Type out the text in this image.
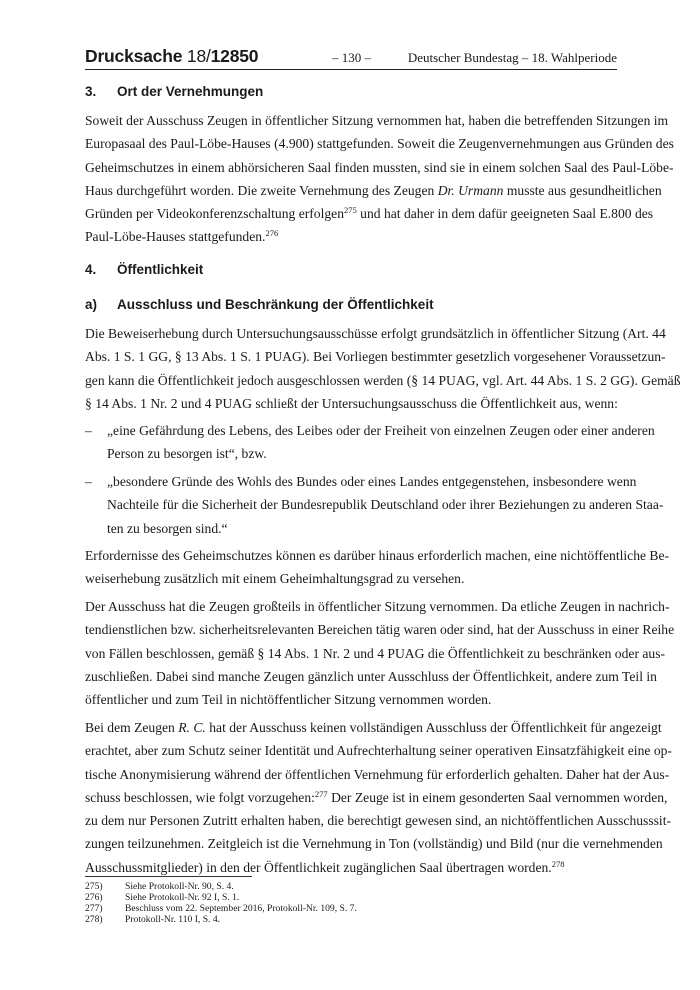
Drucksache 18/12850	– 130 –	Deutscher Bundestag – 18. Wahlperiode
3. Ort der Vernehmungen
Soweit der Ausschuss Zeugen in öffentlicher Sitzung vernommen hat, haben die betreffenden Sitzungen im
Europasaal des Paul-Löbe-Hauses (4.900) stattgefunden. Soweit die Zeugenvernehmungen aus Gründen des
Geheimschutzes in einem abhörsicheren Saal finden mussten, sind sie in einem solchen Saal des Paul-Löbe-
Haus durchgeführt worden. Die zweite Vernehmung des Zeugen Dr. Urmann musste aus gesundheitlichen
Gründen per Videokonferenzschaltung erfolgen$^{275}$ und hat daher in dem dafür geeigneten Saal E.800 des
Paul-Löbe-Hauses stattgefunden.$^{276}$
4. Öffentlichkeit
a) Ausschluss und Beschränkung der Öffentlichkeit
Die Beweiserhebung durch Untersuchungsausschüsse erfolgt grundsätzlich in öffentlicher Sitzung (Art. 44
Abs. 1 S. 1 GG, § 13 Abs. 1 S. 1 PUAG). Bei Vorliegen bestimmter gesetzlich vorgesehener Voraussetzun-
gen kann die Öffentlichkeit jedoch ausgeschlossen werden (§ 14 PUAG, vgl. Art. 44 Abs. 1 S. 2 GG). Gemäß
§ 14 Abs. 1 Nr. 2 und 4 PUAG schließt der Untersuchungsausschuss die Öffentlichkeit aus, wenn:
– „eine Gefährdung des Lebens, des Leibes oder der Freiheit von einzelnen Zeugen oder einer anderen
Person zu besorgen ist“, bzw.
– „besondere Gründe des Wohls des Bundes oder eines Landes entgegenstehen, insbesondere wenn
Nachteile für die Sicherheit der Bundesrepublik Deutschland oder ihrer Beziehungen zu anderen Staa-
ten zu besorgen sind.“
Erfordernisse des Geheimschutzes können es darüber hinaus erforderlich machen, eine nichtöffentliche Be-
weiserhebung zusätzlich mit einem Geheimhaltungsgrad zu versehen.
Der Ausschuss hat die Zeugen großteils in öffentlicher Sitzung vernommen. Da etliche Zeugen in nachrich-
tendienstlichen bzw. sicherheitsrelevanten Bereichen tätig waren oder sind, hat der Ausschuss in einer Reihe
von Fällen beschlossen, gemäß § 14 Abs. 1 Nr. 2 und 4 PUAG die Öffentlichkeit zu beschränken oder aus-
zuschließen. Dabei sind manche Zeugen gänzlich unter Ausschluss der Öffentlichkeit, andere zum Teil in
öffentlicher und zum Teil in nichtöffentlicher Sitzung vernommen worden.
Bei dem Zeugen R. C. hat der Ausschuss keinen vollständigen Ausschluss der Öffentlichkeit für angezeigt
erachtet, aber zum Schutz seiner Identität und Aufrechterhaltung seiner operativen Einsatzfähigkeit eine op-
tische Anonymisierung während der öffentlichen Vernehmung für erforderlich gehalten. Daher hat der Aus-
schuss beschlossen, wie folgt vorzugehen:$^{277}$ Der Zeuge ist in einem gesonderten Saal vernommen worden,
zu dem nur Personen Zutritt erhalten haben, die berechtigt gewesen sind, an nichtöffentlichen Ausschusssit-
zungen teilzunehmen. Zeitgleich ist die Vernehmung in Ton (vollständig) und Bild (nur die vernehmenden
Ausschussmitglieder) in den der Öffentlichkeit zugänglichen Saal übertragen worden.$^{278}$
275) Siehe Protokoll-Nr. 90, S. 4.
276) Siehe Protokoll-Nr. 92 I, S. 1.
277) Beschluss vom 22. September 2016, Protokoll-Nr. 109, S. 7.
278) Protokoll-Nr. 110 I, S. 4.
